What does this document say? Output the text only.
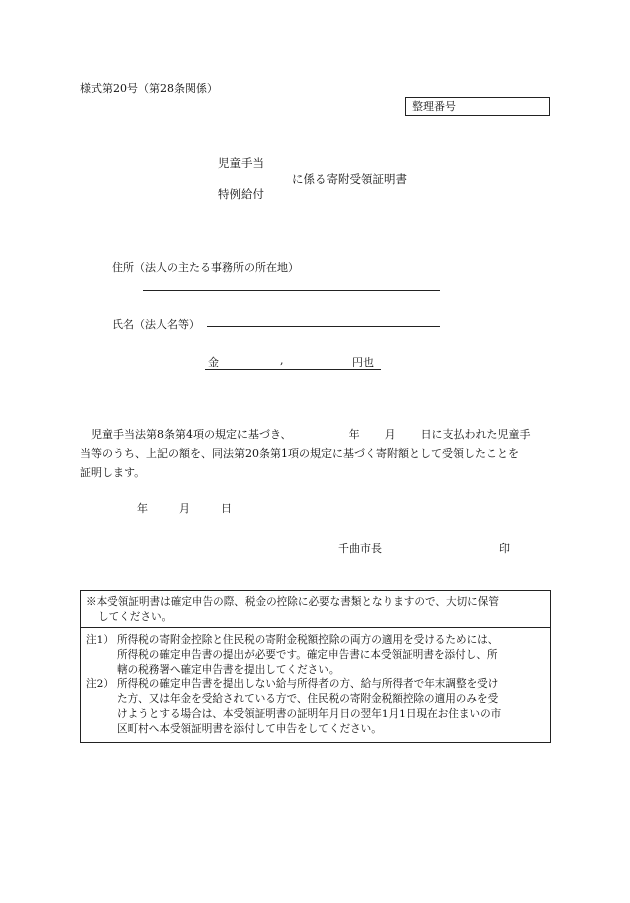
様式第20号（第28条関係）
整理番号
児童手当
に係る寄附受領証明書
特例給付
住所（法人の主たる事務所の所在地）
氏名（法人名等）
金	,	円也
児童手当法第8条第4項の規定に基づき、	年 月 日に支払われた児童手
当等のうち、上記の額を、同法第20条第1項の規定に基づく寄附額として受領したことを
証明します。
年	月	日
千曲市長	印
※本受領証明書は確定申告の際、税金の控除に必要な書類となりますので、大切に保管
してください。
注1） 所得税の寄附金控除と住民税の寄附金税額控除の両方の適用を受けるためには、
所得税の確定申告書の提出が必要です。確定申告書に本受領証明書を添付し、所
轄の税務署へ確定申告書を提出してください。
注2） 所得税の確定申告書を提出しない給与所得者の方、給与所得者で年末調整を受け
た方、又は年金を受給されている方で、住民税の寄附金税額控除の適用のみを受
けようとする場合は、本受領証明書の証明年月日の翌年1月1日現在お住まいの市
区町村へ本受領証明書を添付して申告をしてください。
